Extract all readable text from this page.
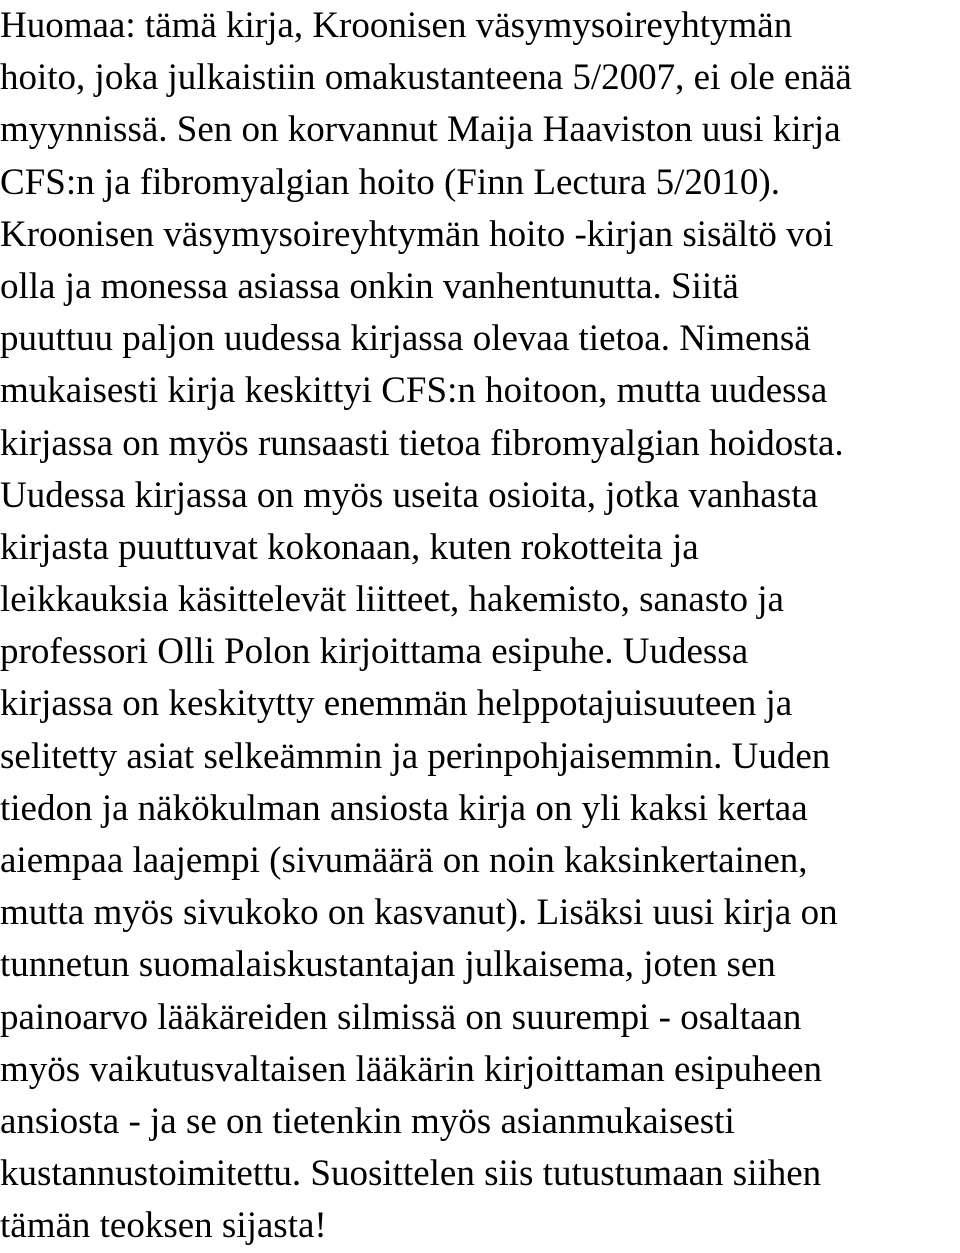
Huomaa: tämä kirja, Kroonisen väsymysoireyhtymän
hoito, joka julkaistiin omakustanteena 5/2007, ei ole enää
myynnissä. Sen on korvannut Maija Haaviston uusi kirja
CFS:n ja fibromyalgian hoito (Finn Lectura 5/2010).
Kroonisen väsymysoireyhtymän hoito -kirjan sisältö voi
olla ja monessa asiassa onkin vanhentunutta. Siitä
puuttuu paljon uudessa kirjassa olevaa tietoa. Nimensä
mukaisesti kirja keskittyi CFS:n hoitoon, mutta uudessa
kirjassa on myös runsaasti tietoa fibromyalgian hoidosta.
Uudessa kirjassa on myös useita osioita, jotka vanhasta
kirjasta puuttuvat kokonaan, kuten rokotteita ja
leikkauksia käsittelevät liitteet, hakemisto, sanasto ja
professori Olli Polon kirjoittama esipuhe. Uudessa
kirjassa on keskitytty enemmän helppotajuisuuteen ja
selitetty asiat selkeämmin ja perinpohjaisemmin. Uuden
tiedon ja näkökulman ansiosta kirja on yli kaksi kertaa
aiempaa laajempi (sivumäärä on noin kaksinkertainen,
mutta myös sivukoko on kasvanut). Lisäksi uusi kirja on
tunnetun suomalaiskustantajan julkaisema, joten sen
painoarvo lääkäreiden silmissä on suurempi - osaltaan
myös vaikutusvaltaisen lääkärin kirjoittaman esipuheen
ansiosta - ja se on tietenkin myös asianmukaisesti
kustannustoimitettu. Suosittelen siis tutustumaan siihen
tämän teoksen sijasta!
